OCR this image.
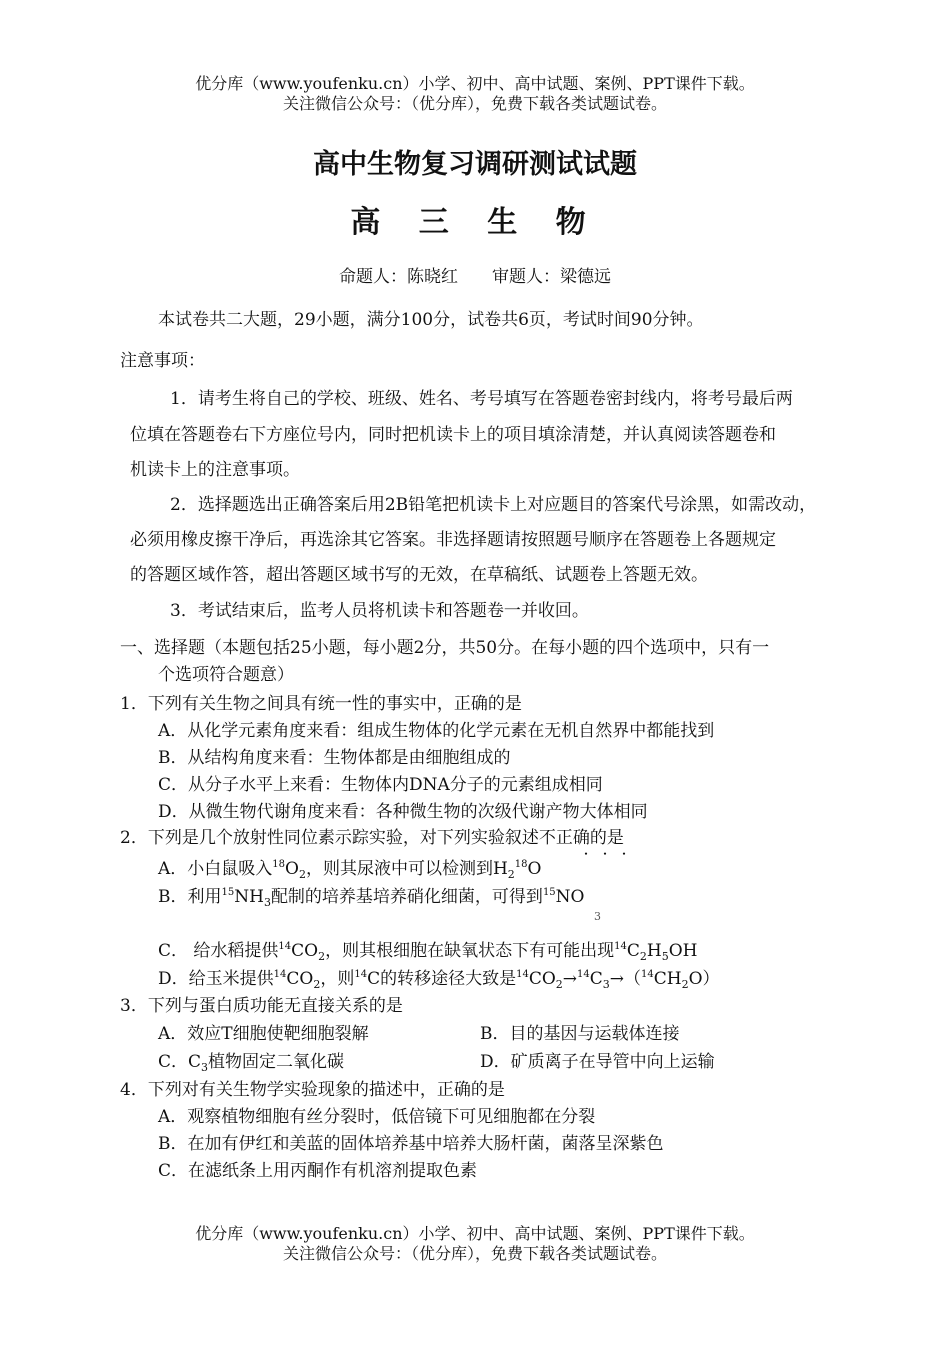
优分库（www.youfenku.cn）小学、初中、高中试题、案例、PPT课件下载。
关注微信公众号：（优分库），免费下载各类试题试卷。
高中生物复习调研测试试题
高 三 生 物
命题人：陈晓红　　审题人：梁德远
本试卷共二大题，29小题，满分100分，试卷共6页，考试时间90分钟。
注意事项：
1．请考生将自己的学校、班级、姓名、考号填写在答题卷密封线内，将考号最后两
位填在答题卷右下方座位号内，同时把机读卡上的项目填涂清楚，并认真阅读答题卷和
机读卡上的注意事项。
2．选择题选出正确答案后用2B铅笔把机读卡上对应题目的答案代号涂黑，如需改动，
必须用橡皮擦干净后，再选涂其它答案。非选择题请按照题号顺序在答题卷上各题规定
的答题区域作答，超出答题区域书写的无效，在草稿纸、试题卷上答题无效。
3．考试结束后，监考人员将机读卡和答题卷一并收回。
一、选择题（本题包括25小题，每小题2分，共50分。在每小题的四个选项中，只有一
个选项符合题意）
1．下列有关生物之间具有统一性的事实中，正确的是
A．从化学元素角度来看：组成生物体的化学元素在无机自然界中都能找到
B．从结构角度来看：生物体都是由细胞组成的
C．从分子水平上来看：生物体内DNA分子的元素组成相同
D．从微生物代谢角度来看：各种微生物的次级代谢产物大体相同
2．下列是几个放射性同位素示踪实验，对下列实验叙述不正确的是
・・・
A．小白鼠吸入$^{18}O_2$，则其尿液中可以检测到$H_2^{18}O$
B．利用$^{15}NH_3$配制的培养基培养硝化细菌，可得到$^{15}$NO
3
C． 给水稻提供$^{14}CO_2$，则其根细胞在缺氧状态下有可能出现$^{14}C_2H_5OH$
D．给玉米提供$^{14}CO_2$，则$^{14}$C的转移途径大致是$^{14}CO_2\to^{14}C_3\to(^{14}CH_2O)$
3．下列与蛋白质功能无直接关系的是
A．效应T细胞使靶细胞裂解	B．目的基因与运载体连接
C．$C_3$植物固定二氧化碳	D．矿质离子在导管中向上运输
4．下列对有关生物学实验现象的描述中，正确的是
A．观察植物细胞有丝分裂时，低倍镜下可见细胞都在分裂
B．在加有伊红和美蓝的固体培养基中培养大肠杆菌，菌落呈深紫色
C．在滤纸条上用丙酮作有机溶剂提取色素
优分库（www.youfenku.cn）小学、初中、高中试题、案例、PPT课件下载。
关注微信公众号：（优分库），免费下载各类试题试卷。
